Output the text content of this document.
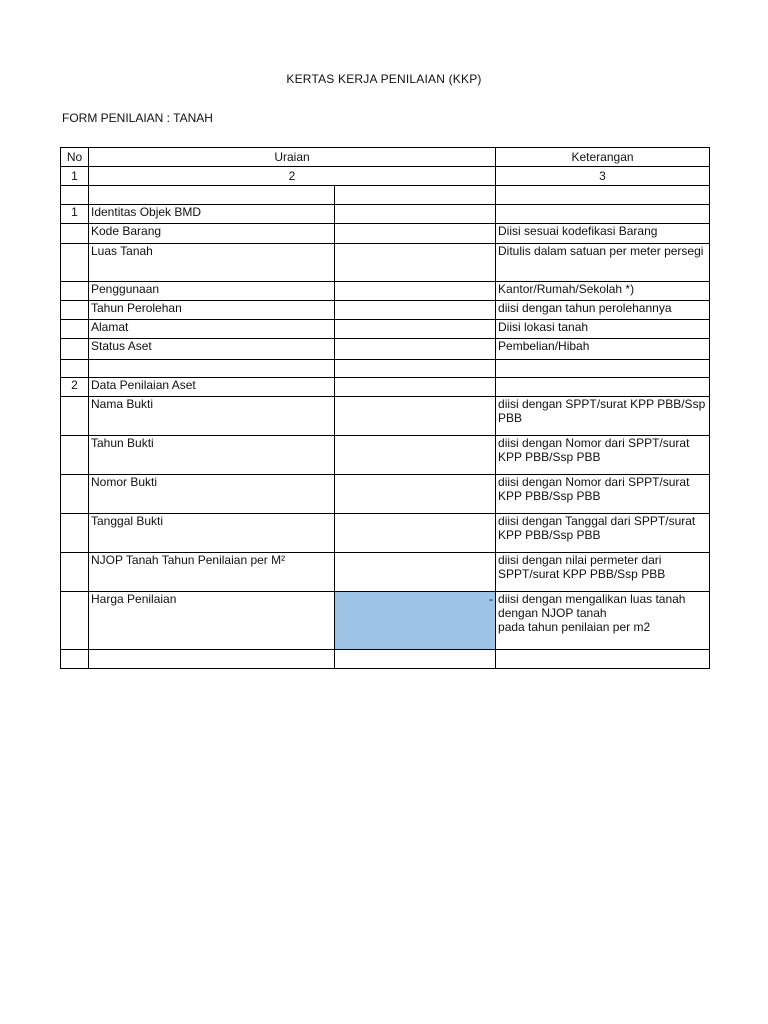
KERTAS KERJA PENILAIAN (KKP)
FORM PENILAIAN : TANAH
No	Uraian		Keterangan
1	2		3

1	Identitas Objek BMD		
	Kode Barang		Diisi sesuai kodefikasi Barang
	Luas Tanah		Ditulis dalam satuan per meter persegi
	Penggunaan		Kantor/Rumah/Sekolah *)
	Tahun Perolehan		diisi dengan tahun perolehannya
	Alamat		Diisi lokasi tanah
	Status Aset		Pembelian/Hibah

2	Data Penilaian Aset		
	Nama Bukti		diisi dengan SPPT/surat KPP PBB/Ssp PBB
	Tahun Bukti		diisi dengan Nomor dari SPPT/surat KPP PBB/Ssp PBB
	Nomor Bukti		diisi dengan Nomor dari SPPT/surat KPP PBB/Ssp PBB
	Tanggal Bukti		diisi dengan Tanggal dari SPPT/surat KPP PBB/Ssp PBB
	NJOP Tanah Tahun Penilaian per M²		diisi dengan nilai permeter dari SPPT/surat KPP PBB/Ssp PBB
	Harga Penilaian	-	diisi dengan mengalikan luas tanah dengan NJOP tanah
pada tahun penilaian per m2
